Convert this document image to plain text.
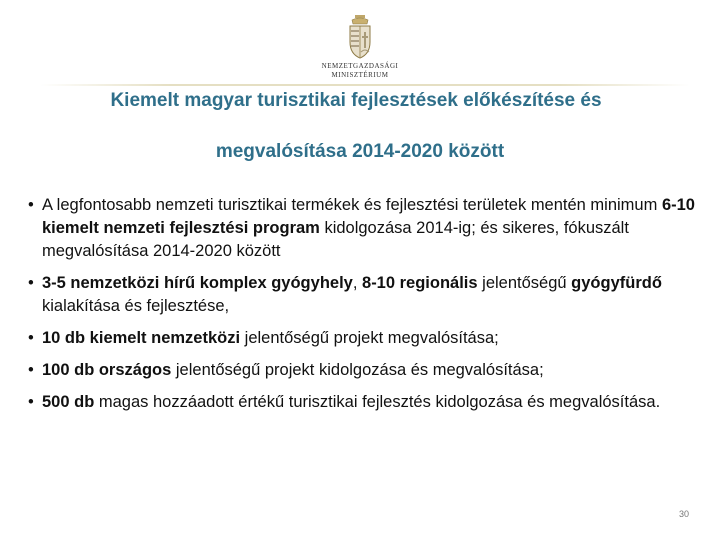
NEMZETGAZDASÁGI
MINISZTÉRIUM
Kiemelt magyar turisztikai fejlesztések előkészítése és
megvalósítása 2014-2020 között
• A legfontosabb nemzeti turisztikai termékek és fejlesztési területek mentén minimum 6-10 kiemelt nemzeti fejlesztési program kidolgozása 2014-ig; és sikeres, fókuszált megvalósítása 2014-2020 között
• 3-5 nemzetközi hírű komplex gyógyhely, 8-10 regionális jelentőségű gyógyfürdő kialakítása és fejlesztése,
• 10 db kiemelt nemzetközi jelentőségű projekt megvalósítása;
• 100 db országos jelentőségű projekt kidolgozása és megvalósítása;
• 500 db magas hozzáadott értékű turisztikai fejlesztés kidolgozása és megvalósítása.
30
